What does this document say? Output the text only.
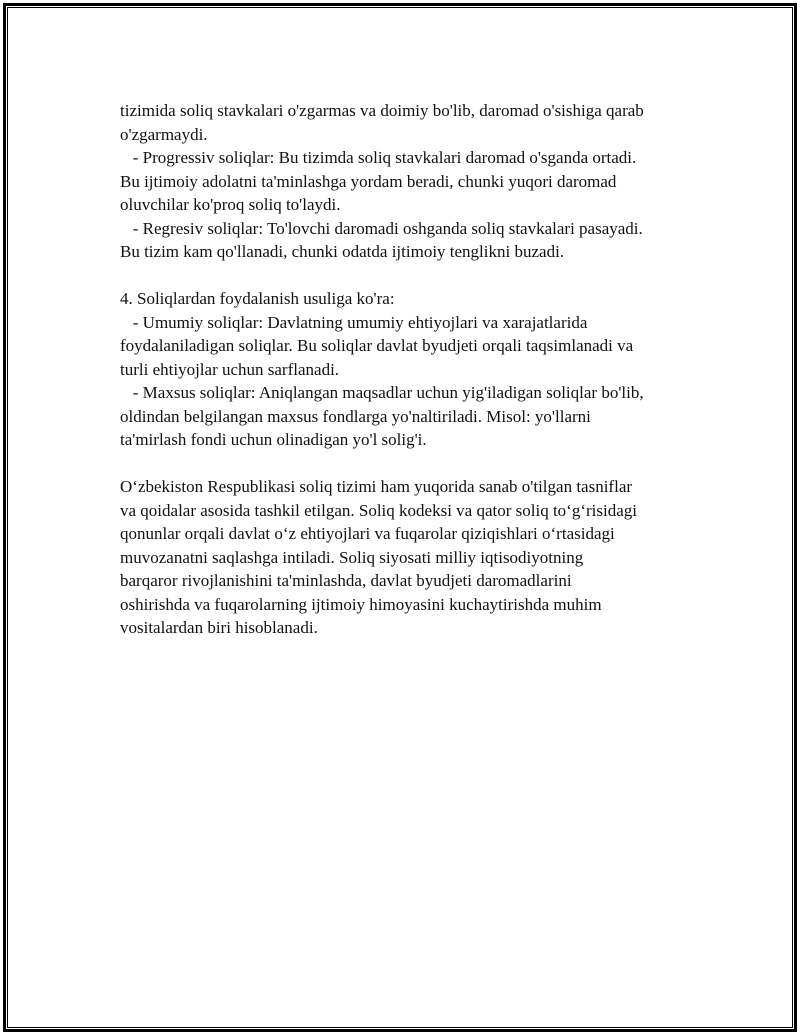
tizimida soliq stavkalari o'zgarmas va doimiy bo'lib, daromad o'sishiga qarab
o'zgarmaydi.
- Progressiv soliqlar: Bu tizimda soliq stavkalari daromad o'sganda ortadi.
Bu ijtimoiy adolatni ta'minlashga yordam beradi, chunki yuqori daromad
oluvchilar ko'proq soliq to'laydi.
- Regresiv soliqlar: To'lovchi daromadi oshganda soliq stavkalari pasayadi.
Bu tizim kam qo'llanadi, chunki odatda ijtimoiy tenglikni buzadi.
4. Soliqlardan foydalanish usuliga ko'ra:
- Umumiy soliqlar: Davlatning umumiy ehtiyojlari va xarajatlarida
foydalaniladigan soliqlar. Bu soliqlar davlat byudjeti orqali taqsimlanadi va
turli ehtiyojlar uchun sarflanadi.
- Maxsus soliqlar: Aniqlangan maqsadlar uchun yig'iladigan soliqlar bo'lib,
oldindan belgilangan maxsus fondlarga yo'naltiriladi. Misol: yo'llarni
ta'mirlash fondi uchun olinadigan yo'l solig'i.
O‘zbekiston Respublikasi soliq tizimi ham yuqorida sanab o'tilgan tasniflar
va qoidalar asosida tashkil etilgan. Soliq kodeksi va qator soliq to‘g‘risidagi
qonunlar orqali davlat o‘z ehtiyojlari va fuqarolar qiziqishlari o‘rtasidagi
muvozanatni saqlashga intiladi. Soliq siyosati milliy iqtisodiyotning
barqaror rivojlanishini ta'minlashda, davlat byudjeti daromadlarini
oshirishda va fuqarolarning ijtimoiy himoyasini kuchaytirishda muhim
vositalardan biri hisoblanadi.
